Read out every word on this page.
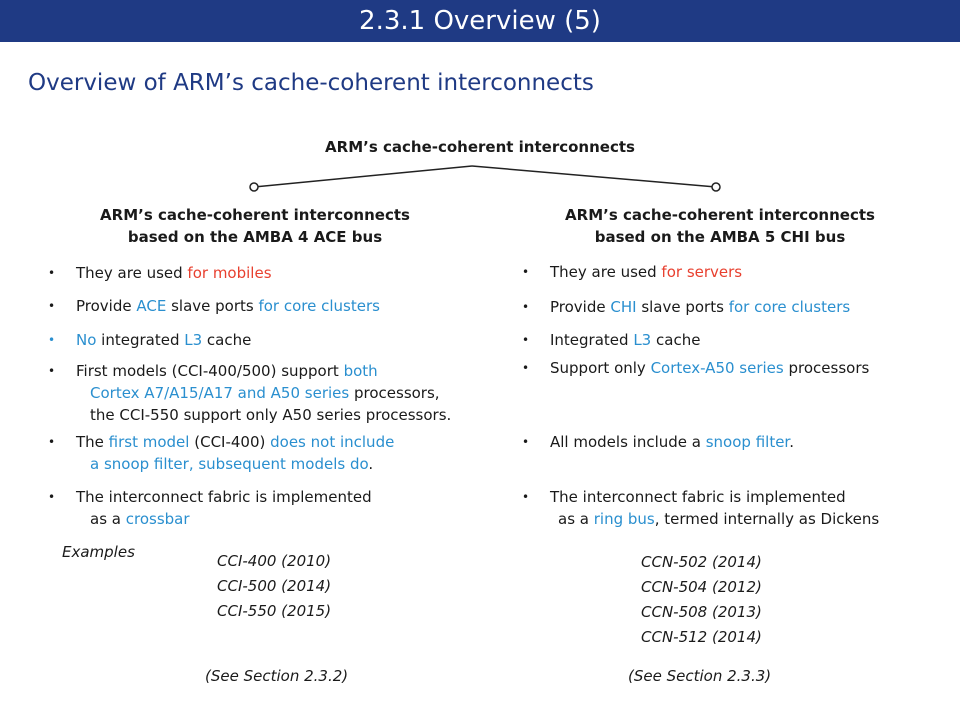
2.3.1 Overview (5)
Overview of ARM’s cache-coherent interconnects
ARM’s cache-coherent interconnects
ARM’s cache-coherent interconnects
based on the AMBA 4 ACE bus
ARM’s cache-coherent interconnects
based on the AMBA 5 CHI bus
• They are used for mobiles
• Provide ACE slave ports for core clusters
• No integrated L3 cache
• First models (CCI-400/500) support both
Cortex A7/A15/A17 and A50 series processors,
the CCI-550 support only A50 series processors.
• The first model (CCI-400) does not include
a snoop filter, subsequent models do.
• The interconnect fabric is implemented
as a crossbar
Examples	CCI-400 (2010)
CCI-500 (2014)
CCI-550 (2015)
(See Section 2.3.2)
• They are used for servers
• Provide CHI slave ports for core clusters
• Integrated L3 cache
• Support only Cortex-A50 series processors
• All models include a snoop filter.
• The interconnect fabric is implemented
as a ring bus, termed internally as Dickens
CCN-502 (2014)
CCN-504 (2012)
CCN-508 (2013)
CCN-512 (2014)
(See Section 2.3.3)
